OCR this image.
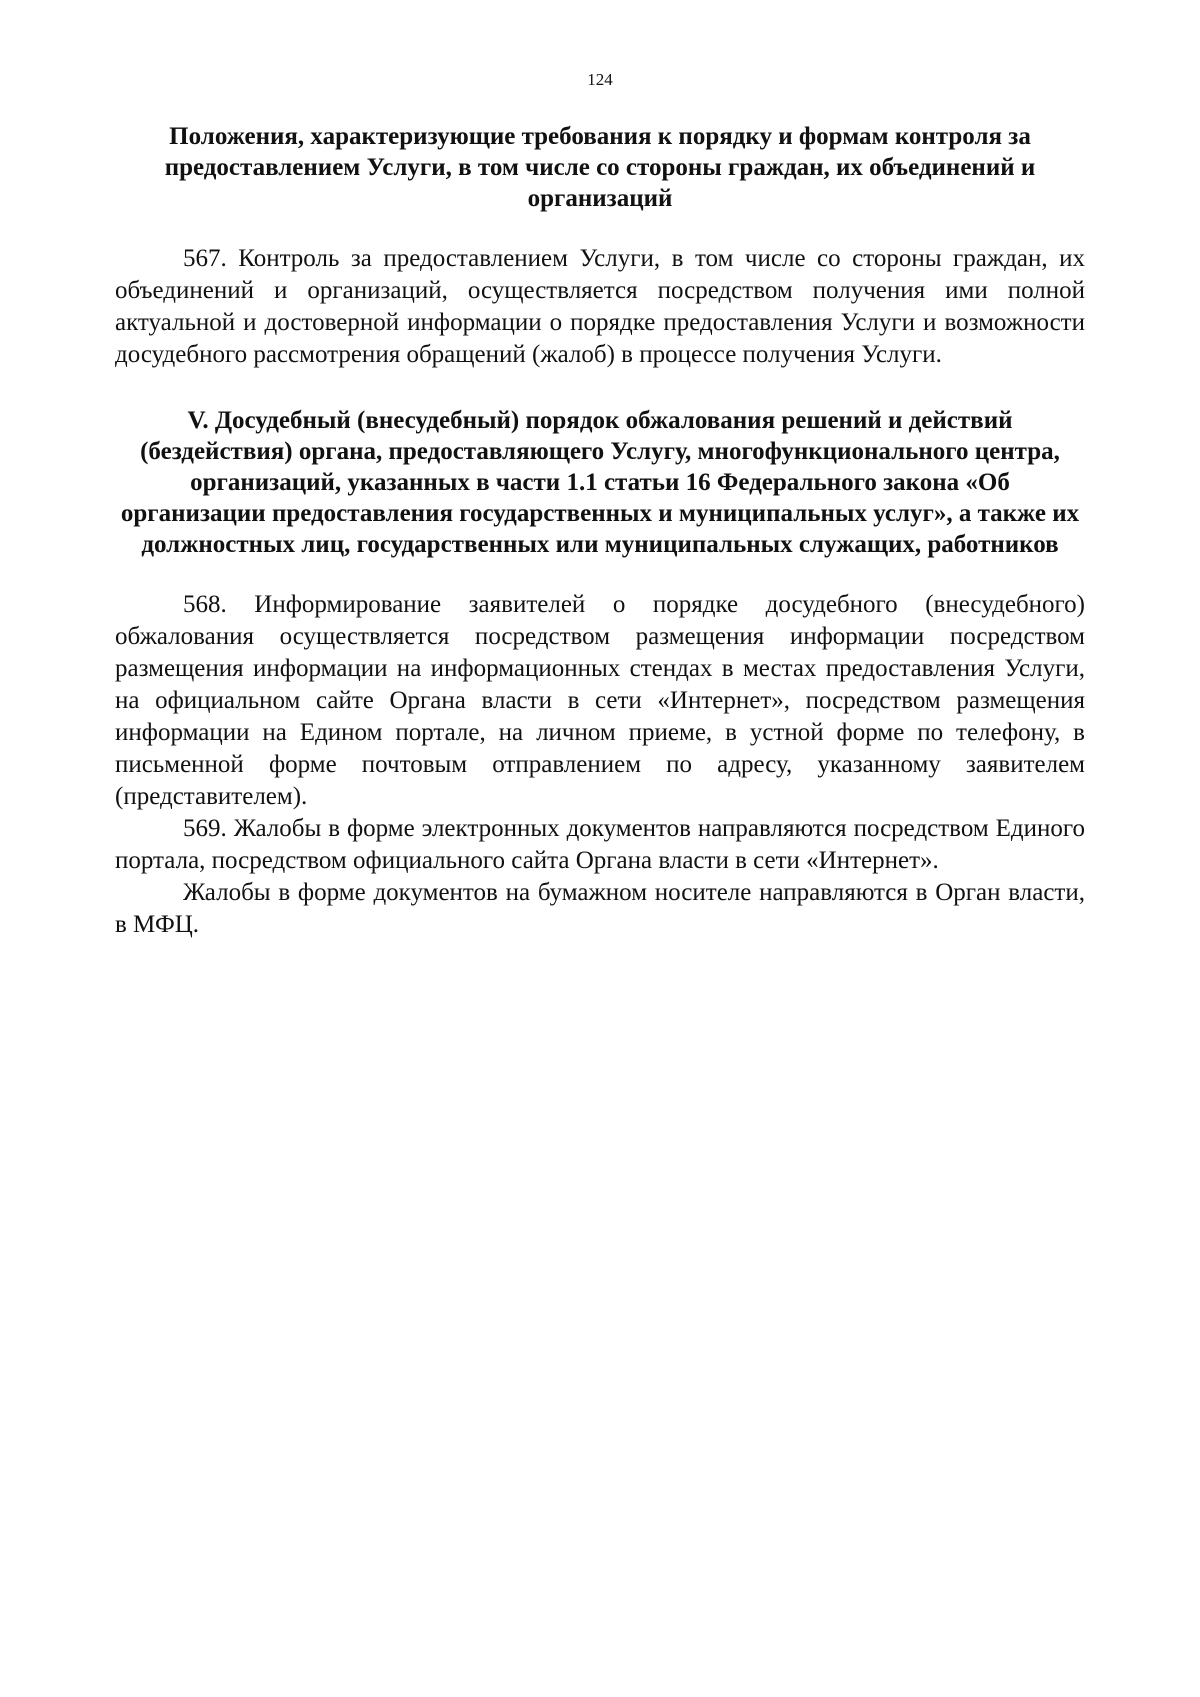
124
Положения, характеризующие требования к порядку и формам контроля за предоставлением Услуги, в том числе со стороны граждан, их объединений и организаций

567. Контроль за предоставлением Услуги, в том числе со стороны граждан, их объединений и организаций, осуществляется посредством получения ими полной актуальной и достоверной информации о порядке предоставления Услуги и возможности досудебного рассмотрения обращений (жалоб) в процессе получения Услуги.

V. Досудебный (внесудебный) порядок обжалования решений и действий (бездействия) органа, предоставляющего Услугу, многофункционального центра, организаций, указанных в части 1.1 статьи 16 Федерального закона «Об организации предоставления государственных и муниципальных услуг», а также их должностных лиц, государственных или муниципальных служащих, работников

568. Информирование заявителей о порядке досудебного (внесудебного) обжалования осуществляется посредством размещения информации посредством размещения информации на информационных стендах в местах предоставления Услуги, на официальном сайте Органа власти в сети «Интернет», посредством размещения информации на Едином портале, на личном приеме, в устной форме по телефону, в письменной форме почтовым отправлением по адресу, указанному заявителем (представителем).

569. Жалобы в форме электронных документов направляются посредством Единого портала, посредством официального сайта Органа власти в сети «Интернет».

Жалобы в форме документов на бумажном носителе направляются в Орган власти, в МФЦ.
